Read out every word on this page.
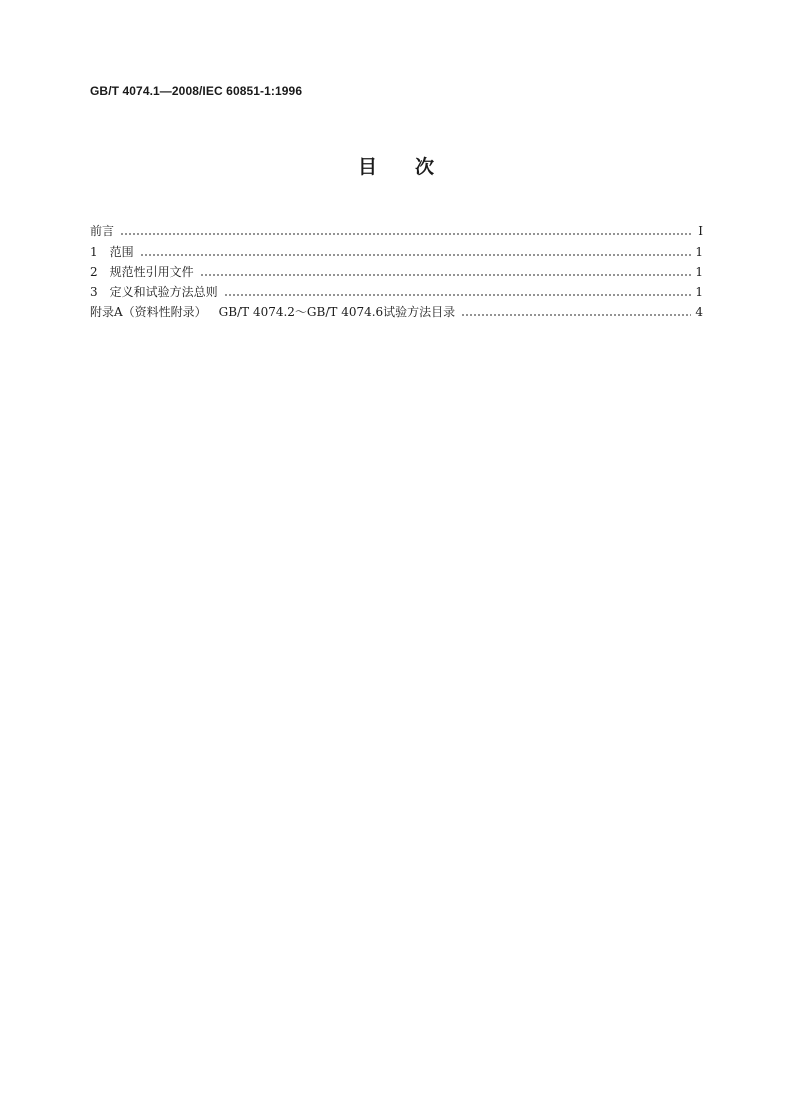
GB/T 4074.1—2008/IEC 60851-1:1996
目　　次
前言	I
1 范围	1
2 规范性引用文件	1
3 定义和试验方法总则	1
附录A（资料性附录） GB/T 4074.2～GB/T 4074.6试验方法目录	4
